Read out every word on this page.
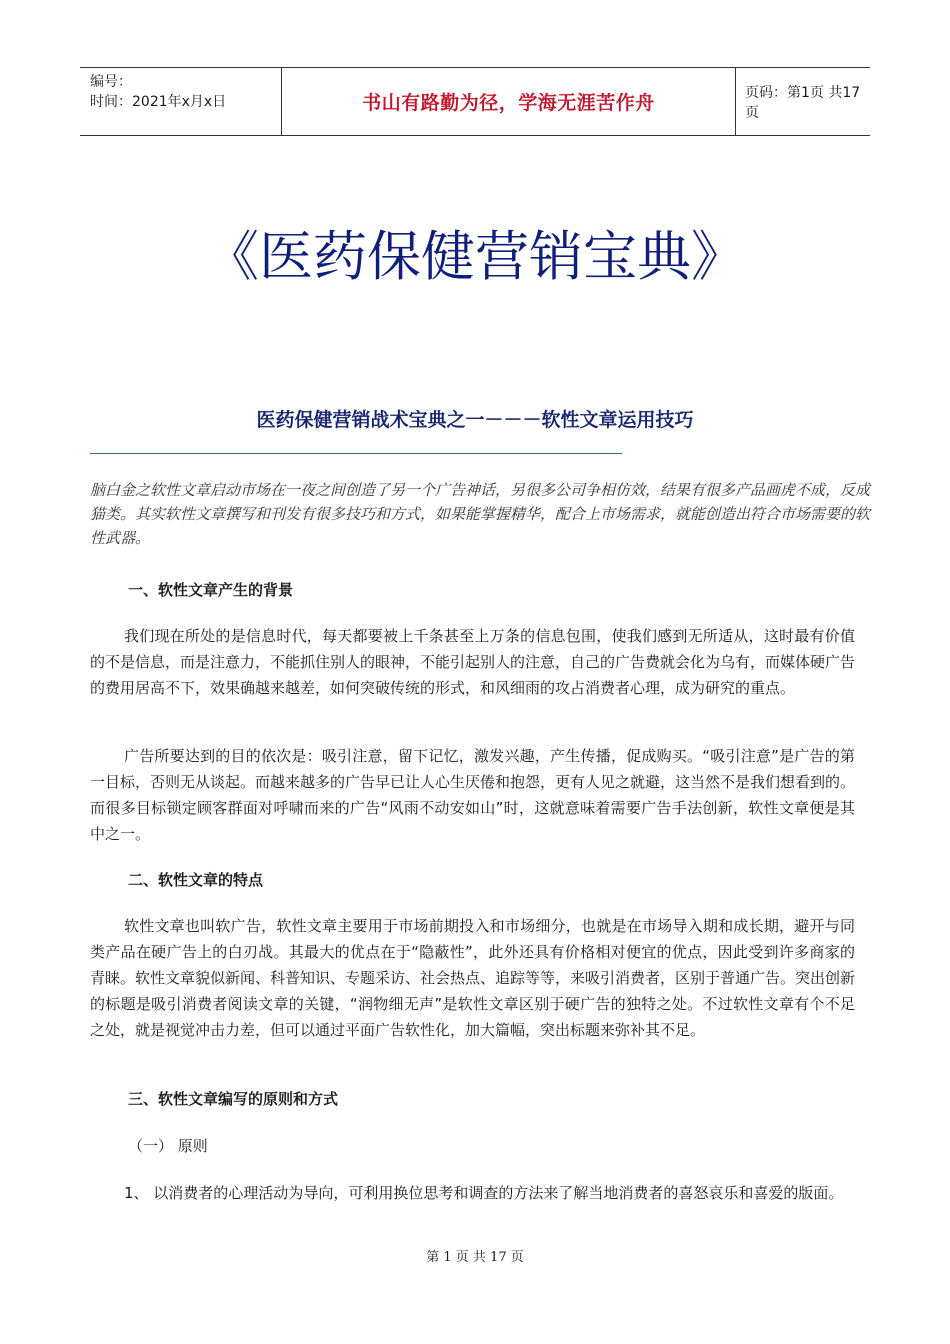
编号：
时间：2021年x月x日	书山有路勤为径，学海无涯苦作舟	页码：第1页 共17页
《医药保健营销宝典》
医药保健营销战术宝典之一－－－软性文章运用技巧
脑白金之软性文章启动市场在一夜之间创造了另一个广告神话，另很多公司争相仿效，结果有很多产品画虎不成，反成猫类。其实软性文章撰写和刊发有很多技巧和方式，如果能掌握精华，配合上市场需求，就能创造出符合市场需要的软性武器。
一、软性文章产生的背景
我们现在所处的是信息时代，每天都要被上千条甚至上万条的信息包围，使我们感到无所适从，这时最有价值的不是信息，而是注意力，不能抓住别人的眼神，不能引起别人的注意，自己的广告费就会化为乌有，而媒体硬广告的费用居高不下，效果确越来越差，如何突破传统的形式，和风细雨的攻占消费者心理，成为研究的重点。
广告所要达到的目的依次是：吸引注意，留下记忆，激发兴趣，产生传播，促成购买。“吸引注意”是广告的第一目标，否则无从谈起。而越来越多的广告早已让人心生厌倦和抱怨，更有人见之就避，这当然不是我们想看到的。而很多目标锁定顾客群面对呼啸而来的广告“风雨不动安如山”时，这就意味着需要广告手法创新，软性文章便是其中之一。
二、软性文章的特点
软性文章也叫软广告，软性文章主要用于市场前期投入和市场细分，也就是在市场导入期和成长期，避开与同类产品在硬广告上的白刃战。其最大的优点在于“隐蔽性”，此外还具有价格相对便宜的优点，因此受到许多商家的青睐。软性文章貌似新闻、科普知识、专题采访、社会热点、追踪等等，来吸引消费者，区别于普通广告。突出创新的标题是吸引消费者阅读文章的关键，“润物细无声”是软性文章区别于硬广告的独特之处。不过软性文章有个不足之处，就是视觉冲击力差，但可以通过平面广告软性化，加大篇幅，突出标题来弥补其不足。
三、软性文章编写的原则和方式
（一） 原则
1、 以消费者的心理活动为导向，可利用换位思考和调查的方法来了解当地消费者的喜怒哀乐和喜爱的版面。
第 1 页 共 17 页
